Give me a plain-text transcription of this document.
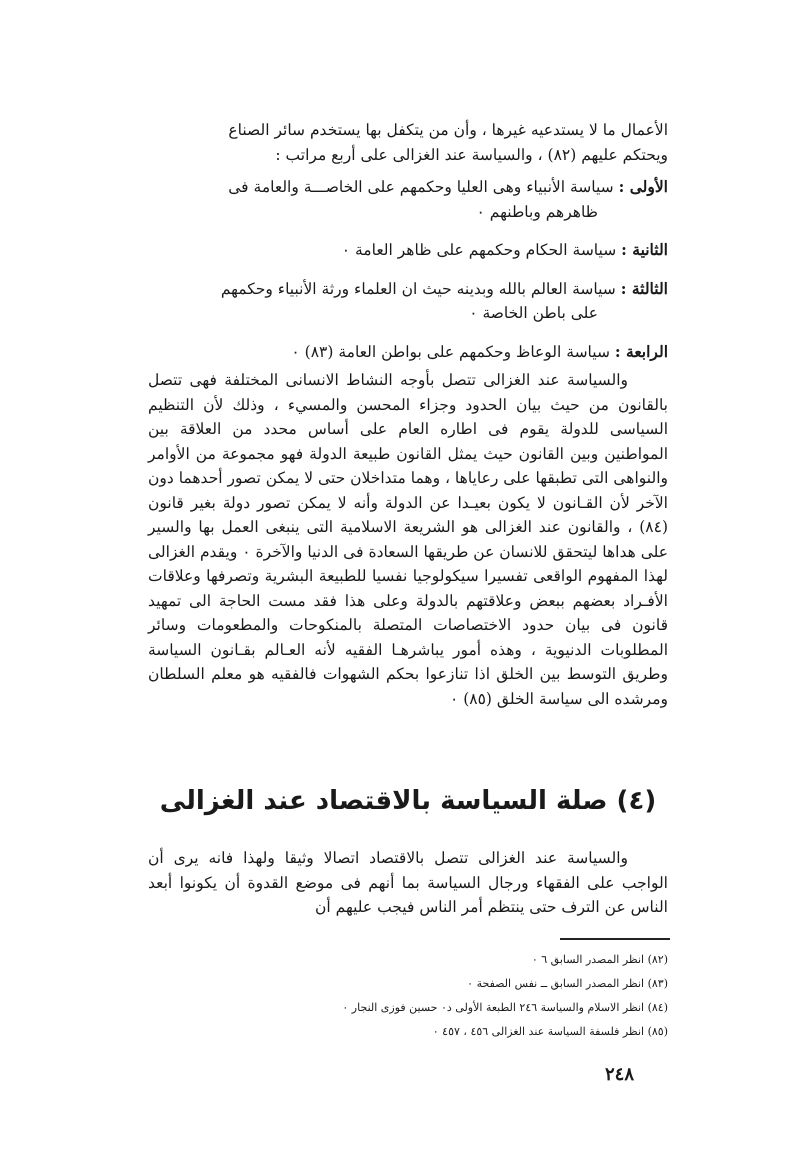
الأعمال ما لا يستدعيه غيرها ، وأن من يتكفل بها يستخدم سائر الصناع

ويحتكم عليهم (٨٢) ، والسياسة عند الغزالى على أربع مراتب :

الأولى : سياسة الأنبياء وهى العليا وحكمهم على الخاصـــة والعامة فى
ظاهرهم وباطنهم ٠
الثانية : سياسة الحكام وحكمهم على ظاهر العامة ٠
الثالثة : سياسة العالم بالله وبدينه حيث ان العلماء ورثة الأنبياء وحكمهم
على باطن الخاصة ٠
الرابعة : سياسة الوعاظ وحكمهم على بواطن العامة (٨٣) ٠

والسياسة عند الغزالى تتصل بأوجه النشاط الانسانى المختلفة فهى تتصل بالقانون من حيث بيان الحدود وجزاء المحسن والمسيء ، وذلك لأن التنظيم السياسى للدولة يقوم فى اطاره العام على أساس محدد من العلاقة بين المواطنين وبين القانون حيث يمثل القانون طبيعة الدولة فهو مجموعة من الأوامر والنواهى التى تطبقها على رعاياها ، وهما متداخلان حتى لا يمكن تصور أحدهما دون الآخر لأن القـانون لا يكون بعيـدا عن الدولة وأنه لا يمكن تصور دولة بغير قانون (٨٤) ، والقانون عند الغزالى هو الشريعة الاسلامية التى ينبغى العمل بها والسير على هداها ليتحقق للانسان عن طريقها السعادة فى الدنيا والآخرة ٠ ويقدم الغزالى لهذا المفهوم الواقعى تفسيرا سيكولوجيا نفسيا للطبيعة البشرية وتصرفها وعلاقات الأفـراد بعضهم ببعض وعلاقتهم بالدولة وعلى هذا فقد مست الحاجة الى تمهيد قانون فى بيان حدود الاختصاصات المتصلة بالمنكوحات والمطعومات وسائر المطلوبات الدنيوية ، وهذه أمور يباشرهـا الفقيه لأنه العـالم بقـانون السياسة وطريق التوسط بين الخلق اذا تنازعوا بحكم الشهوات فالفقيه هو معلم السلطان ومرشده الى سياسة الخلق (٨٥) ٠

(٤) صلة السياسة بالاقتصاد عند الغزالى

والسياسة عند الغزالى تتصل بالاقتصاد اتصالا وثيقا ولهذا فانه يرى أن الواجب على الفقهاء ورجال السياسة بما أنهم فى موضع القدوة أن يكونوا أبعد الناس عن الترف حتى ينتظم أمر الناس فيجب عليهم أن

(٨٢) انظر المصدر السابق ٦ ٠
(٨٣) انظر المصدر السابق ــ نفس الصفحة ٠
(٨٤) انظر الاسلام والسياسة ٢٤٦ الطبعة الأولى د٠ حسين فوزى النجار ٠
(٨٥) انظر فلسفة السياسة عند الغزالى ٤٥٦ ، ٤٥٧ ٠
٢٤٨
